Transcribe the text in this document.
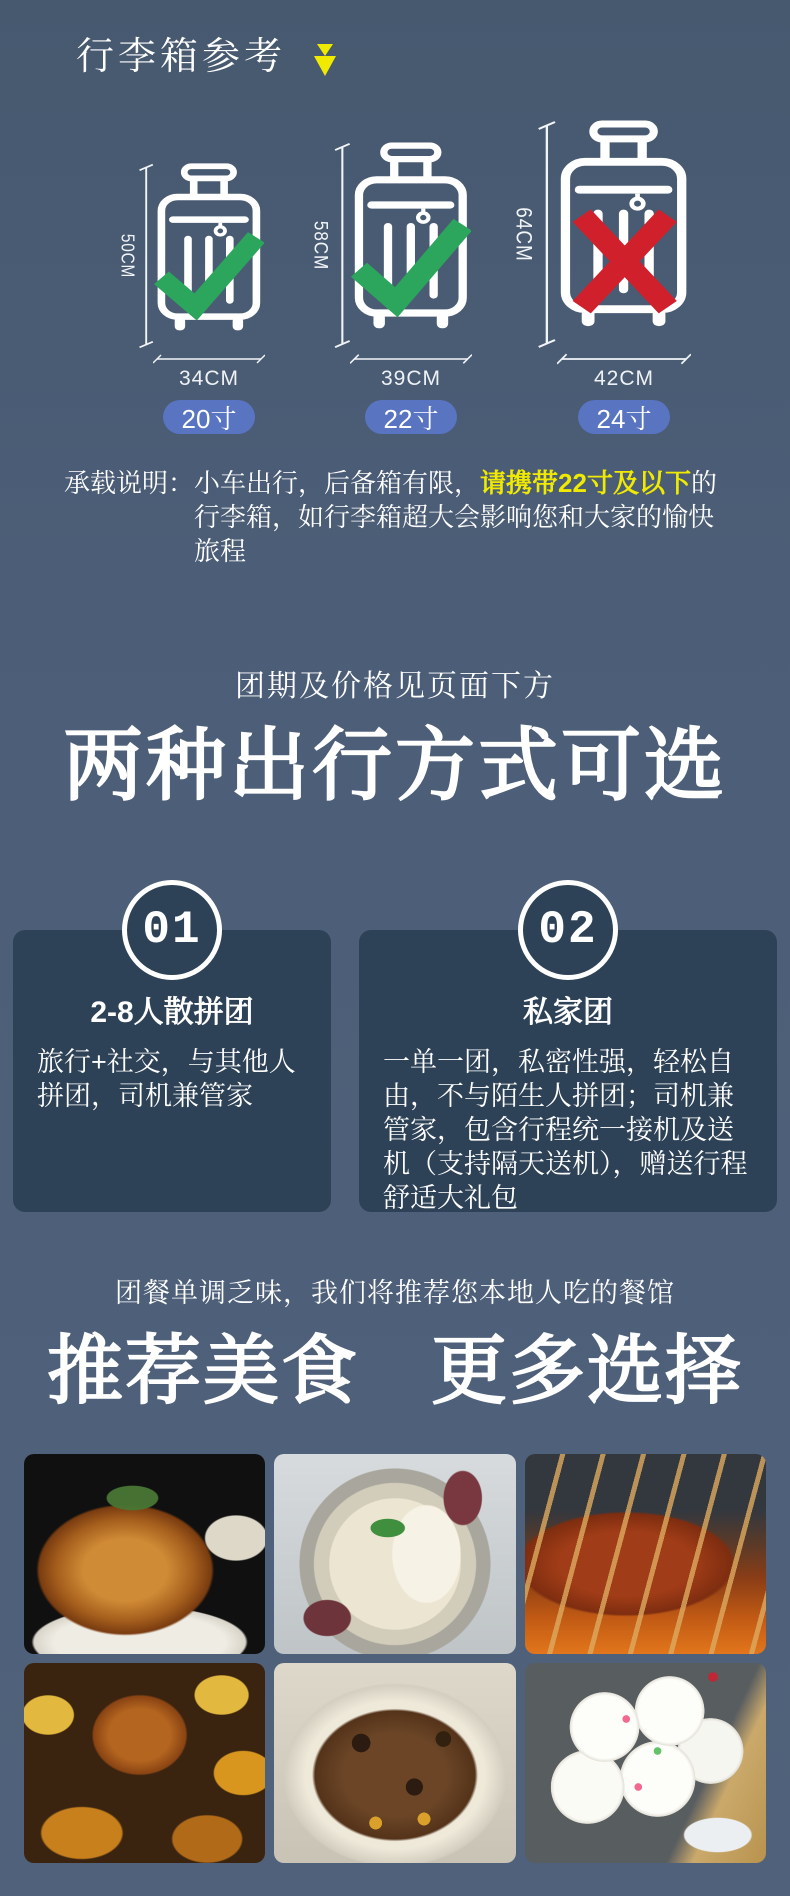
行李箱参考
50CM
34CM
20寸
58CM
39CM
22寸
64CM
42CM
24寸
承载说明： 小车出行，后备箱有限，请携带22寸及以下的行李箱，如行李箱超大会影响您和大家的愉快旅程
团期及价格见页面下方
两种出行方式可选
01
2-8人散拼团

旅行+社交，与其他人拼团，司机兼管家

02
私家团

一单一团，私密性强，轻松自由，不与陌生人拼团；司机兼管家，包含行程统一接机及送机（支持隔天送机），赠送行程舒适大礼包

团餐单调乏味，我们将推荐您本地人吃的餐馆
推荐美食  更多选择
